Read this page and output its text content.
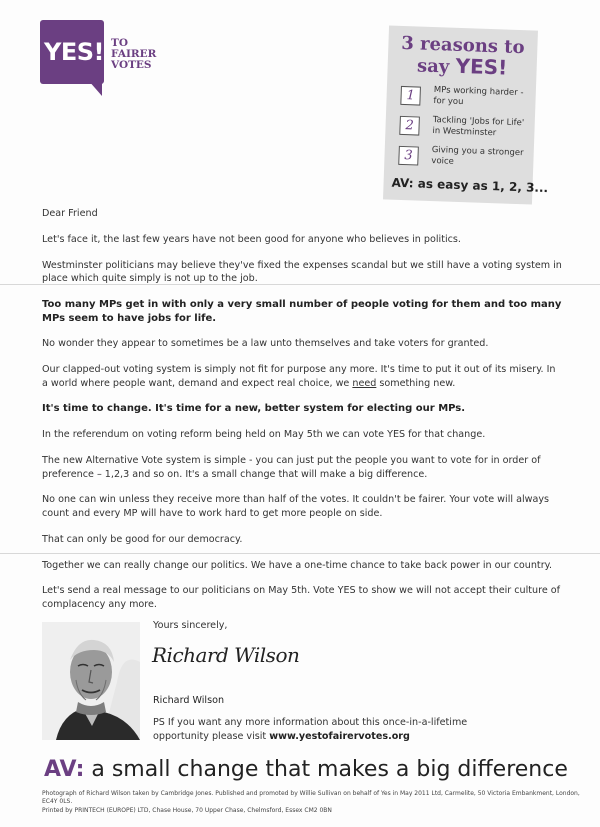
YES! TO
FAIRER
VOTES
3 reasons to
say YES!
1	MPs working harder - for you
2	Tackling 'Jobs for Life' in Westminster
3	Giving you a stronger voice
AV: as easy as 1, 2, 3...

Dear Friend

Let's face it, the last few years have not been good for anyone who believes in politics.

Westminster politicians may believe they've fixed the expenses scandal but we still have a voting system in place which quite simply is not up to the job.

Too many MPs get in with only a very small number of people voting for them and too many MPs seem to have jobs for life.

No wonder they appear to sometimes be a law unto themselves and take voters for granted.

Our clapped-out voting system is simply not fit for purpose any more. It's time to put it out of its misery. In a world where people want, demand and expect real choice, we need something new.

It's time to change. It's time for a new, better system for electing our MPs.

In the referendum on voting reform being held on May 5th we can vote YES for that change.

The new Alternative Vote system is simple - you can just put the people you want to vote for in order of preference – 1,2,3 and so on. It's a small change that will make a big difference.

No one can win unless they receive more than half of the votes. It couldn't be fairer. Your vote will always count and every MP will have to work hard to get more people on side.

That can only be good for our democracy.

Together we can really change our politics. We have a one-time chance to take back power in our country.

Let's send a real message to our politicians on May 5th. Vote YES to show we will not accept their culture of complacency any more.

Yours sincerely,
Richard Wilson
Richard Wilson
PS If you want any more information about this once-in-a-lifetime opportunity please visit www.yestofairervotes.org
AV: a small change that makes a big difference
Photograph of Richard Wilson taken by Cambridge Jones. Published and promoted by Willie Sullivan on behalf of Yes in May 2011 Ltd, Carmelite, 50 Victoria Embankment, London, EC4Y 0LS.
Printed by PRINTECH (EUROPE) LTD, Chase House, 70 Upper Chase, Chelmsford, Essex CM2 0BN
